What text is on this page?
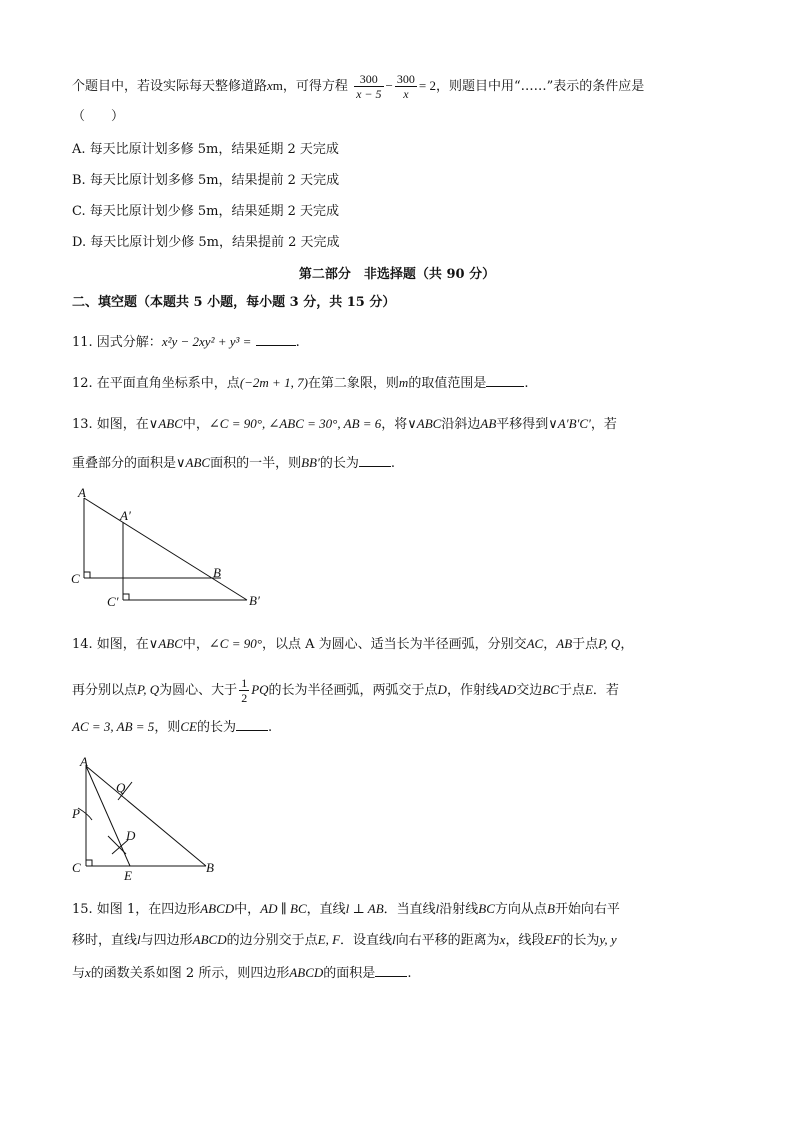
个题目中，若设实际每天整修道路xm，可得方程 $\frac{300}{x - 5} - \frac{300}{x} = 2$，则题目中用“……”表示的条件应是
（　　）
A. 每天比原计划多修 5m，结果延期 2 天完成
B. 每天比原计划多修 5m，结果提前 2 天完成
C. 每天比原计划少修 5m，结果延期 2 天完成
D. 每天比原计划少修 5m，结果提前 2 天完成
第二部分　非选择题（共 90 分）
二、填空题（本题共 5 小题，每小题 3 分，共 15 分）
11. 因式分解：x²y − 2xy² + y³ =	.
12. 在平面直角坐标系中，点(−2m + 1, 7)在第二象限，则m的取值范围是	.
13. 如图，在∨ABC中，∠C = 90°, ∠ABC = 30°, AB = 6，将∨ABC沿斜边AB平移得到∨A′B′C′，若
重叠部分的面积是∨ABC面积的一半，则BB′的长为 .
A
A′
C
C′
B
B′
14. 如图，在∨ABC中，∠C = 90°，以点 A 为圆心、适当长为半径画弧，分别交AC，AB于点P, Q，
再分别以点P, Q为圆心、大于 $\frac{1}{2}$ PQ的长为半径画弧，两弧交于点D，作射线AD交边BC于点E．若
AC = 3, AB = 5，则CE的长为 .
A
Q
P
D
C
E
B
15. 如图 1，在四边形ABCD中，AD ∥ BC，直线l ⊥ AB．当直线l沿射线BC方向从点B开始向右平
移时，直线l与四边形ABCD的边分别交于点E, F．设直线l向右平移的距离为x，线段EF的长为y, y
与x的函数关系如图 2 所示，则四边形ABCD的面积是 .
